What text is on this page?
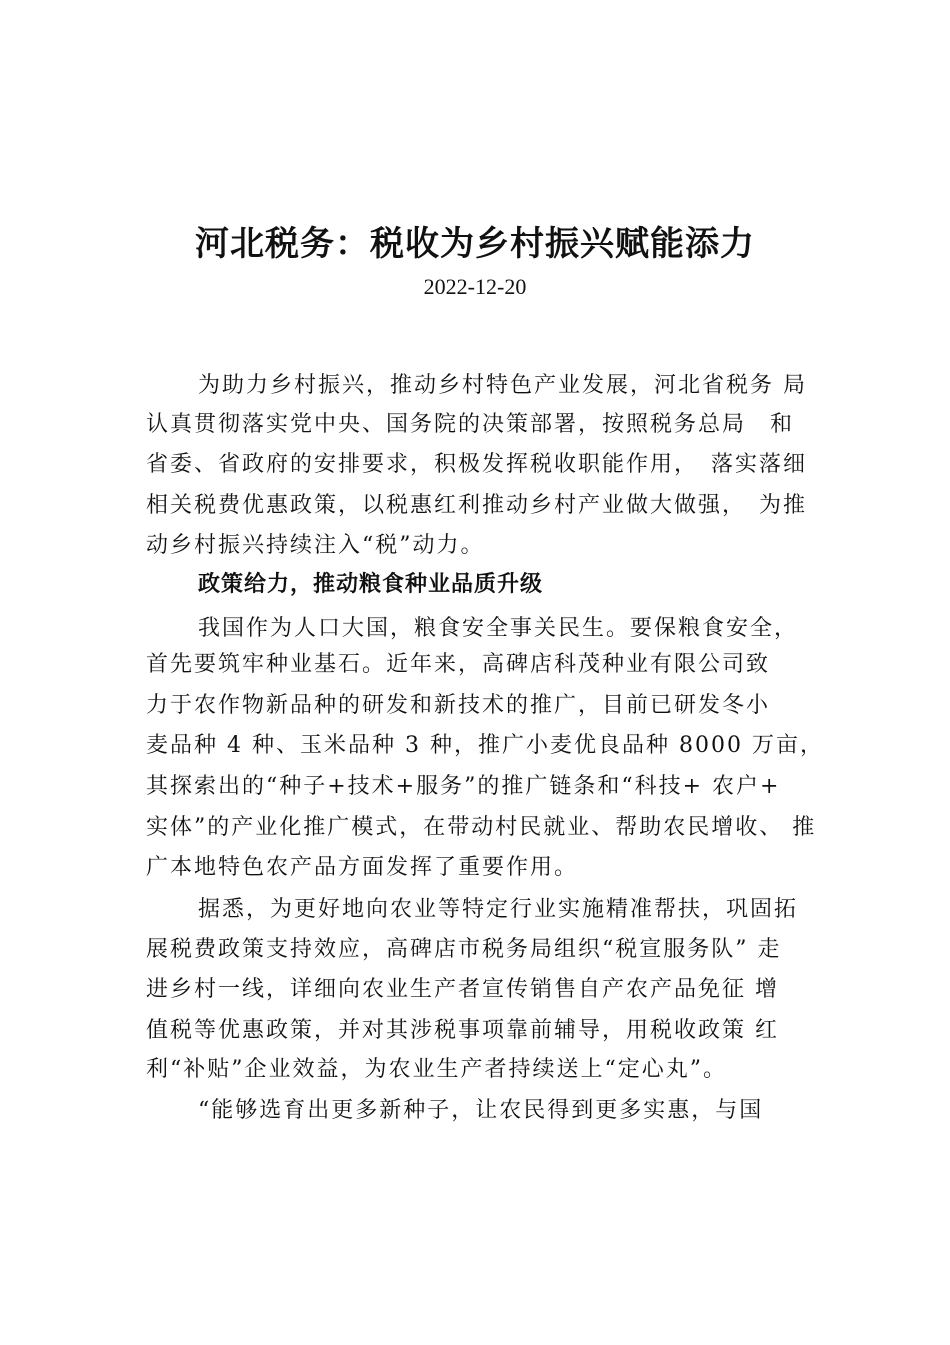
河北税务：税收为乡村振兴赋能添力
2022-12-20
为助力乡村振兴，推动乡村特色产业发展，河北省税务 局
认真贯彻落实党中央、国务院的决策部署，按照税务总局　和
省委、省政府的安排要求，积极发挥税收职能作用，　落实落细
相关税费优惠政策，以税惠红利推动乡村产业做大做强，　为推
动乡村振兴持续注入“税”动力。
政策给力，推动粮食种业品质升级
我国作为人口大国，粮食安全事关民生。要保粮食安全，
首先要筑牢种业基石。近年来，高碑店科茂种业有限公司致
力于农作物新品种的研发和新技术的推广，目前已研发冬小
麦品种 4 种、玉米品种 3 种，推广小麦优良品种 8000 万亩，
其探索出的“种子+技术+服务”的推广链条和“科技+ 农户+
实体”的产业化推广模式，在带动村民就业、帮助农民增收、 推
广本地特色农产品方面发挥了重要作用。
据悉，为更好地向农业等特定行业实施精准帮扶，巩固拓
展税费政策支持效应，高碑店市税务局组织“税宣服务队” 走
进乡村一线，详细向农业生产者宣传销售自产农产品免征 增
值税等优惠政策，并对其涉税事项靠前辅导，用税收政策 红
利“补贴”企业效益，为农业生产者持续送上“定心丸”。
“能够选育出更多新种子，让农民得到更多实惠，与国
